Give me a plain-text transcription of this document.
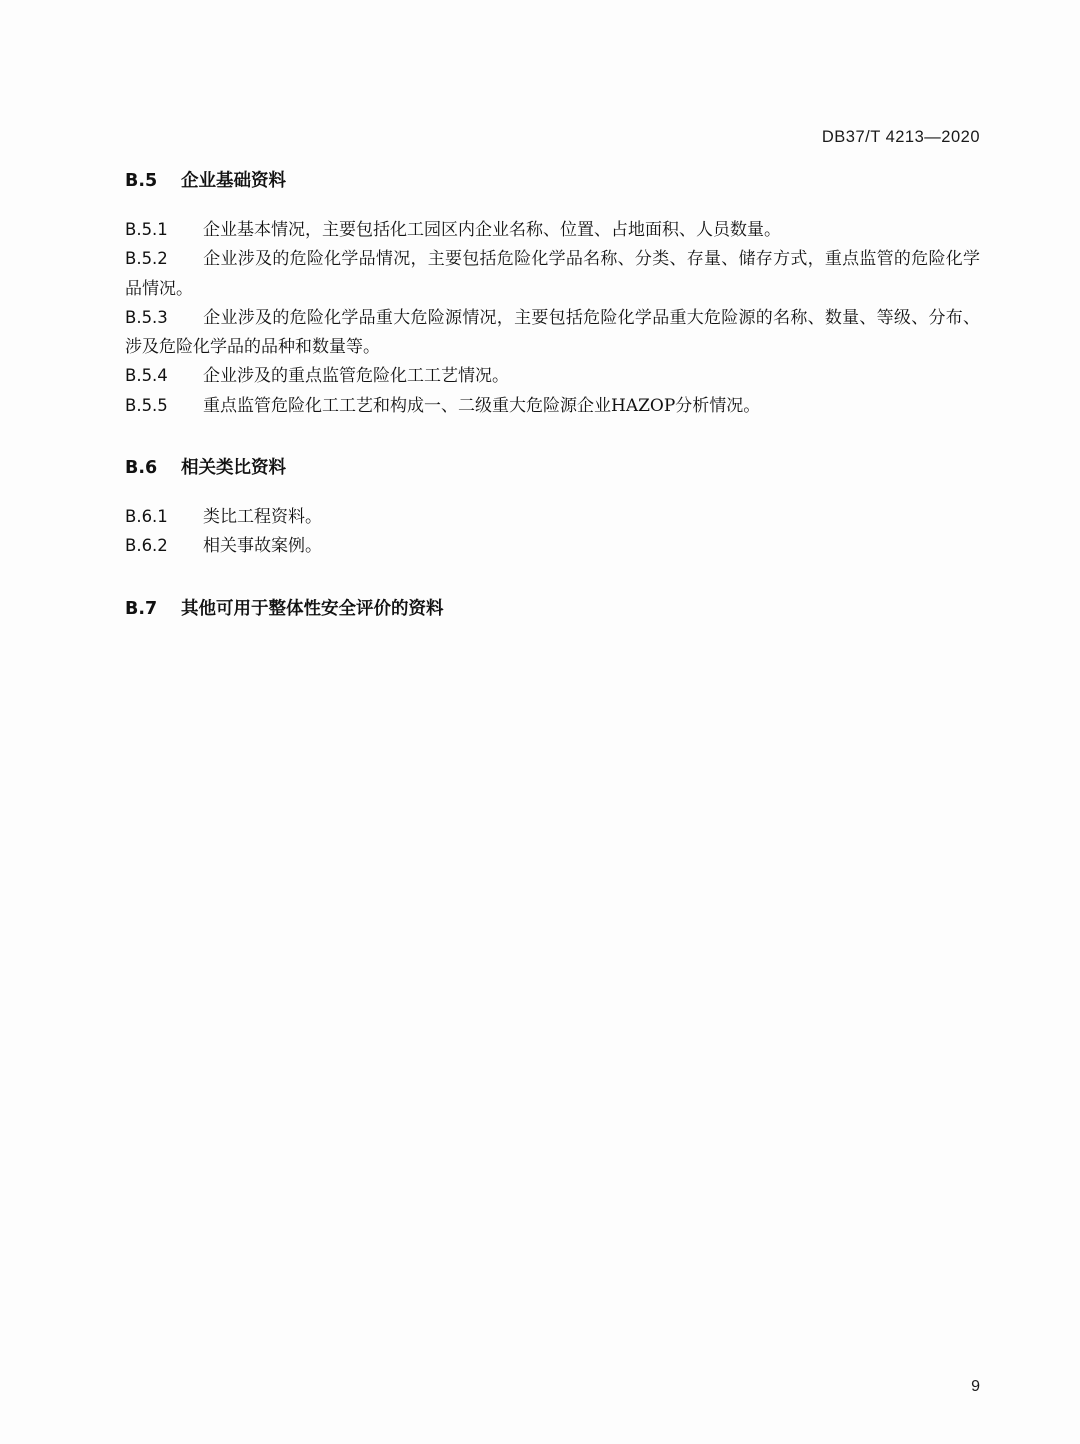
DB37/T 4213—2020

B.5 企业基础资料

B.5.1 企业基本情况，主要包括化工园区内企业名称、位置、占地面积、人员数量。

B.5.2 企业涉及的危险化学品情况，主要包括危险化学品名称、分类、存量、储存方式，重点监管的危险化学品情况。

B.5.3 企业涉及的危险化学品重大危险源情况，主要包括危险化学品重大危险源的名称、数量、等级、分布、涉及危险化学品的品种和数量等。

B.5.4 企业涉及的重点监管危险化工工艺情况。

B.5.5 重点监管危险化工工艺和构成一、二级重大危险源企业HAZOP分析情况。

B.6 相关类比资料

B.6.1 类比工程资料。

B.6.2 相关事故案例。

B.7 其他可用于整体性安全评价的资料

9
